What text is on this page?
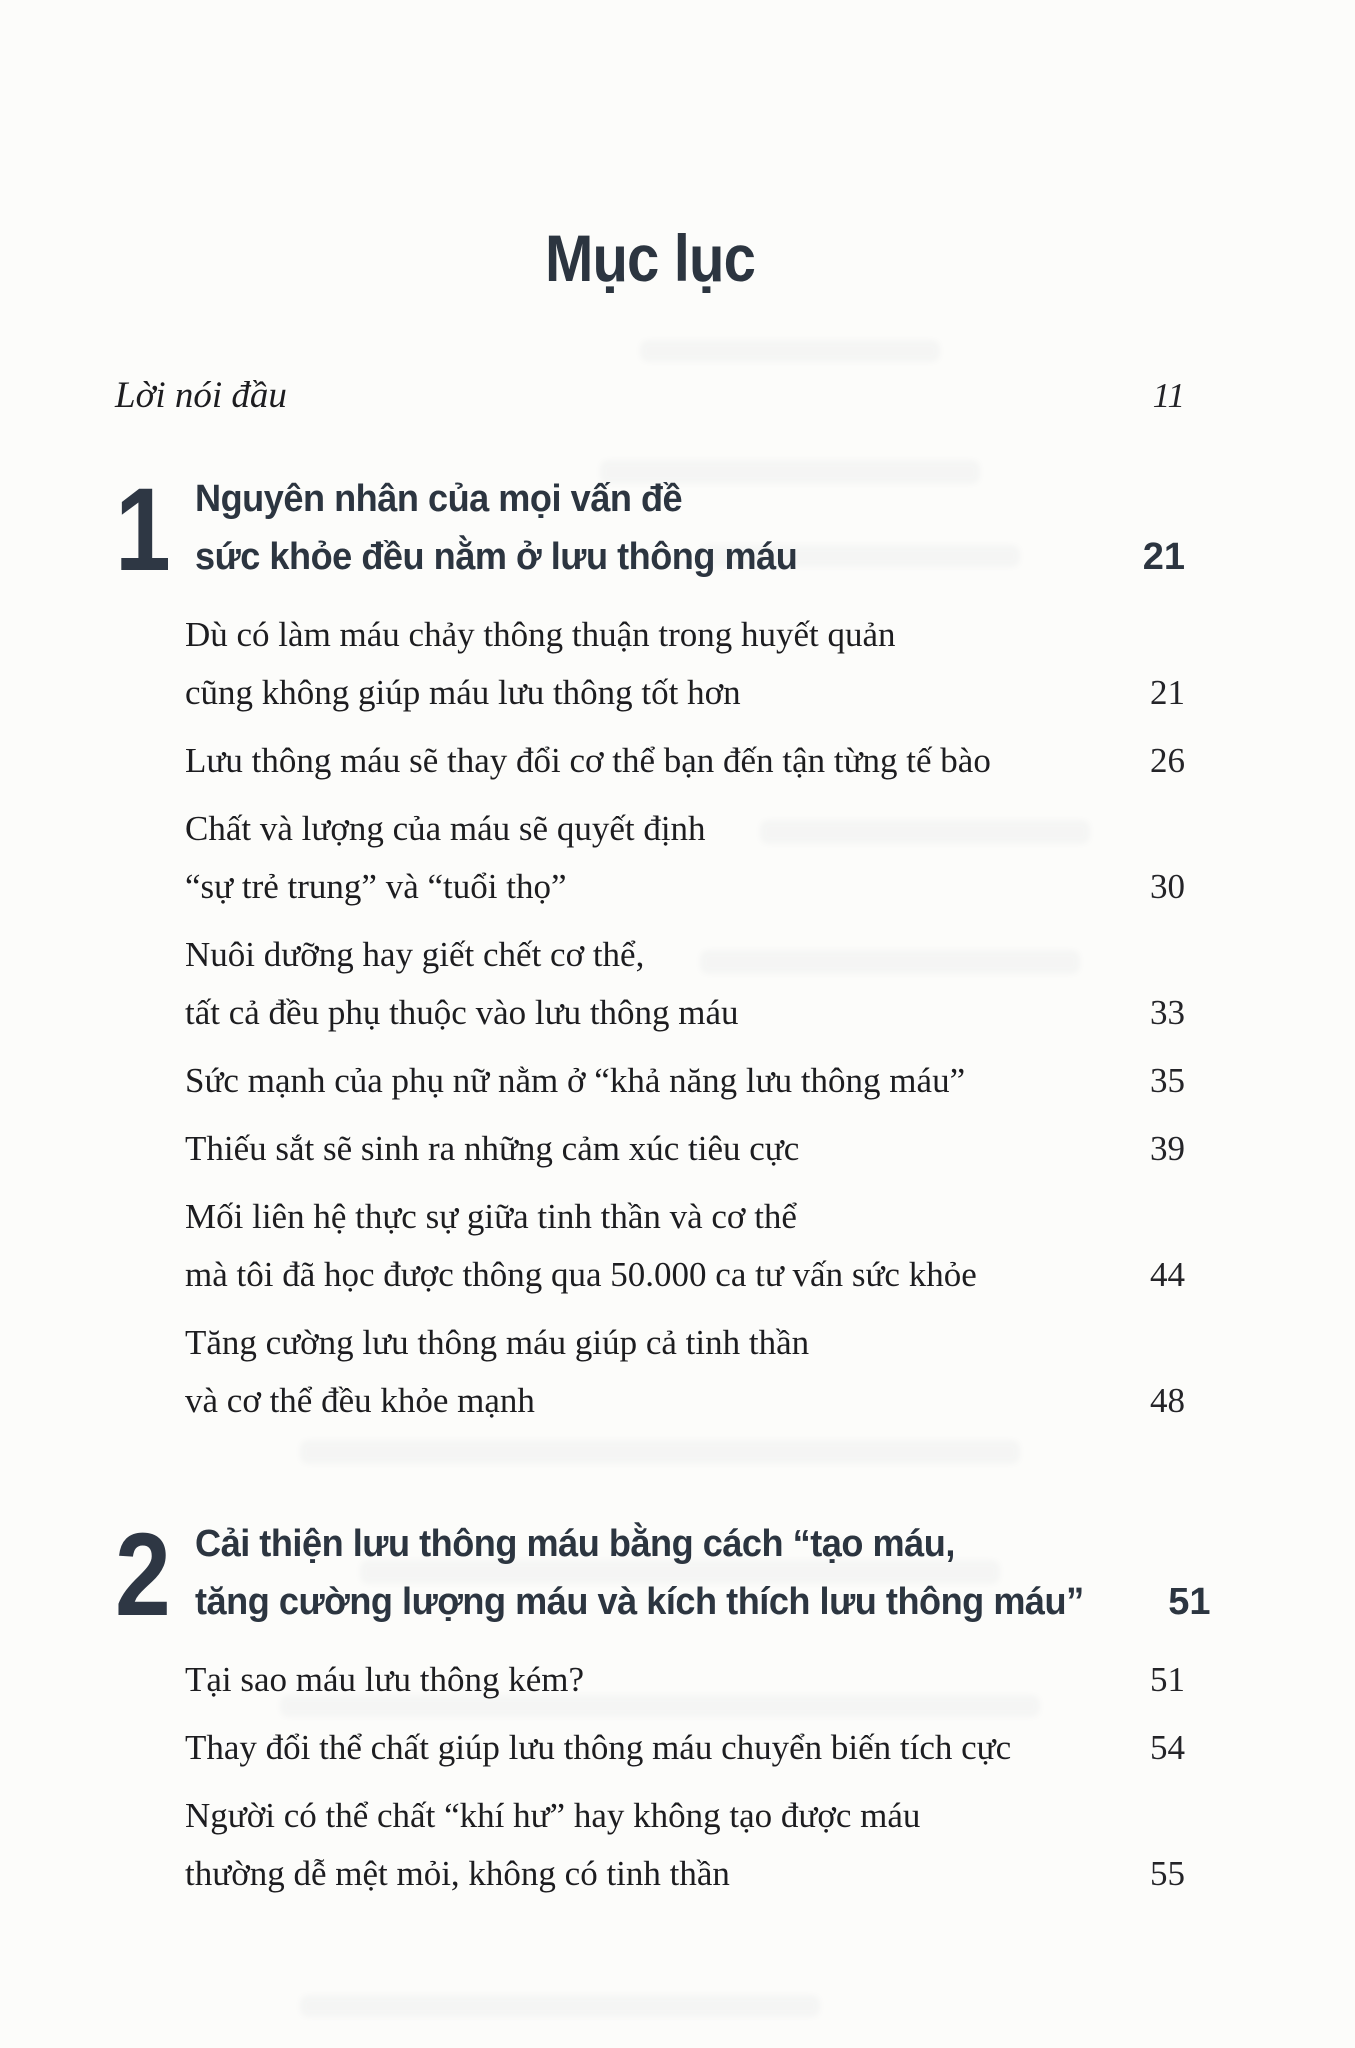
Mục lục
Lời nói đầu	11
1 Nguyên nhân của mọi vấn đề
sức khỏe đều nằm ở lưu thông máu	21
Dù có làm máu chảy thông thuận trong huyết quản
cũng không giúp máu lưu thông tốt hơn	21
Lưu thông máu sẽ thay đổi cơ thể bạn đến tận từng tế bào	26
Chất và lượng của máu sẽ quyết định
“sự trẻ trung” và “tuổi thọ”	30
Nuôi dưỡng hay giết chết cơ thể,
tất cả đều phụ thuộc vào lưu thông máu	33
Sức mạnh của phụ nữ nằm ở “khả năng lưu thông máu”	35
Thiếu sắt sẽ sinh ra những cảm xúc tiêu cực	39
Mối liên hệ thực sự giữa tinh thần và cơ thể
mà tôi đã học được thông qua 50.000 ca tư vấn sức khỏe	44
Tăng cường lưu thông máu giúp cả tinh thần
và cơ thể đều khỏe mạnh	48
2 Cải thiện lưu thông máu bằng cách “tạo máu,
tăng cường lượng máu và kích thích lưu thông máu”	51
Tại sao máu lưu thông kém?	51
Thay đổi thể chất giúp lưu thông máu chuyển biến tích cực	54
Người có thể chất “khí hư” hay không tạo được máu
thường dễ mệt mỏi, không có tinh thần	55
